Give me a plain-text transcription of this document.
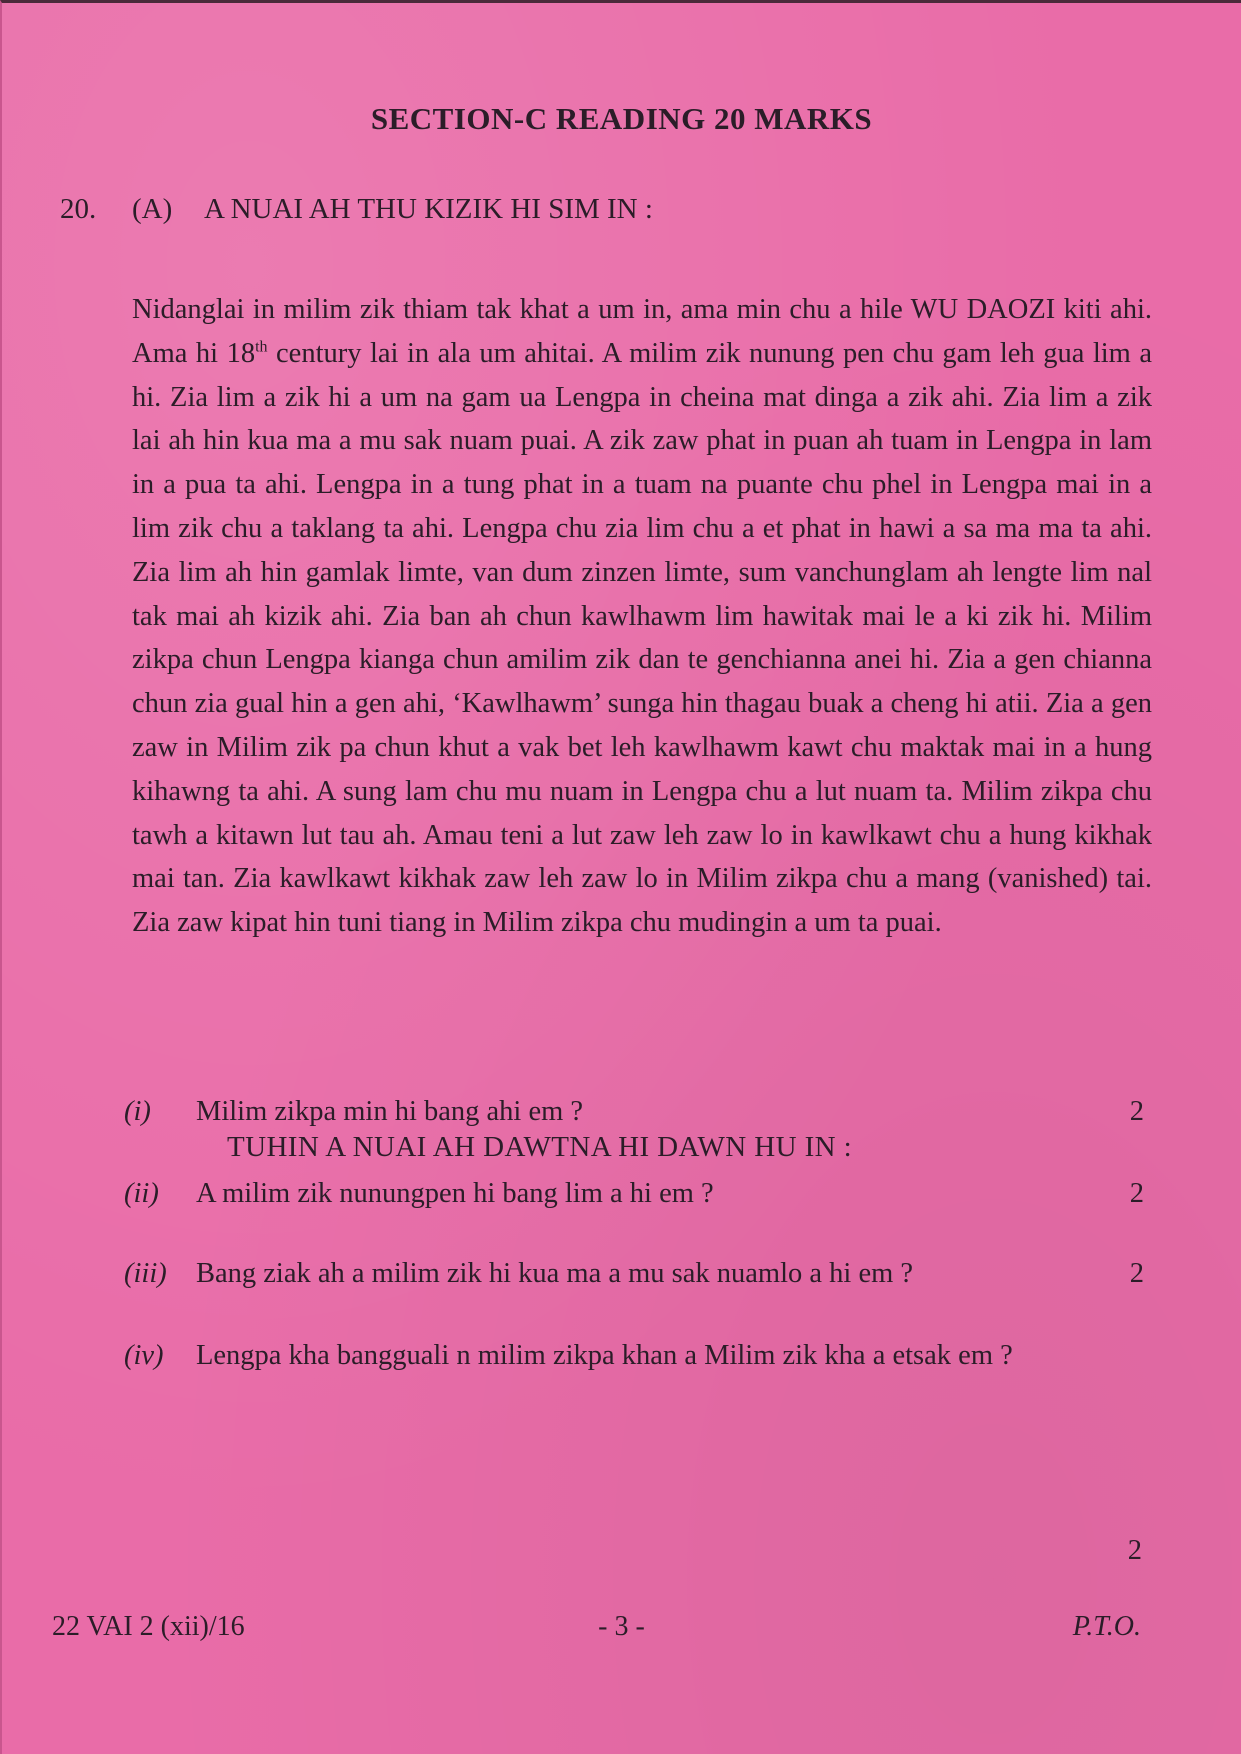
SECTION-C READING 20 MARKS
20. (A) A NUAI AH THU KIZIK HI SIM IN :

Nidanglai in milim zik thiam tak khat a um in, ama min chu a hile WU DAOZI kiti ahi. Ama hi 18th century lai in ala um ahitai. A milim zik nunung pen chu gam leh gua lim a hi. Zia lim a zik hi a um na gam ua Lengpa in cheina mat dinga a zik ahi. Zia lim a zik lai ah hin kua ma a mu sak nuam puai. A zik zaw phat in puan ah tuam in Lengpa in lam in a pua ta ahi. Lengpa in a tung phat in a tuam na puante chu phel in Lengpa mai in a lim zik chu a taklang ta ahi. Lengpa chu zia lim chu a et phat in hawi a sa ma ma ta ahi. Zia lim ah hin gamlak limte, van dum zinzen limte, sum vanchunglam ah lengte lim nal tak mai ah kizik ahi. Zia ban ah chun kawlhawm lim hawitak mai le a ki zik hi. Milim zikpa chun Lengpa kianga chun amilim zik dan te genchianna anei hi. Zia a gen chianna chun zia gual hin a gen ahi, ‘Kawlhawm’ sunga hin thagau buak a cheng hi atii. Zia a gen zaw in Milim zik pa chun khut a vak bet leh kawlhawm kawt chu maktak mai in a hung kihawng ta ahi. A sung lam chu mu nuam in Lengpa chu a lut nuam ta. Milim zikpa chu tawh a kitawn lut tau ah. Amau teni a lut zaw leh zaw lo in kawlkawt chu a hung kikhak mai tan. Zia kawlkawt kikhak zaw leh zaw lo in Milim zikpa chu a mang (vanished) tai. Zia zaw kipat hin tuni tiang in Milim zikpa chu mudingin a um ta puai.

TUHIN A NUAI AH DAWTNA HI DAWN HU IN :
(i) Milim zikpa min hi bang ahi em ?	2
(ii) A milim zik nunungpen hi bang lim a hi em ?	2
(iii) Bang ziak ah a milim zik hi kua ma a mu sak nuamlo a hi em ?	2
(iv) Lengpa kha bangguali n milim zikpa khan a Milim zik kha a etsak em ?
2
22 VAI 2 (xii)/16	- 3 -	P.T.O.
